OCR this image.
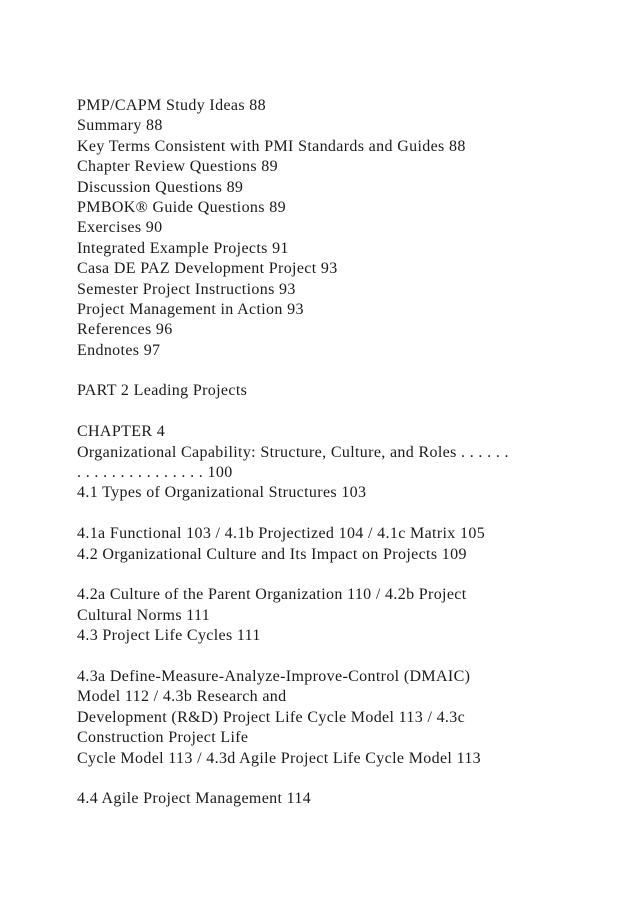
PMP/CAPM Study Ideas 88
Summary 88
Key Terms Consistent with PMI Standards and Guides 88
Chapter Review Questions 89
Discussion Questions 89
PMBOK® Guide Questions 89
Exercises 90
Integrated Example Projects 91
Casa DE PAZ Development Project 93
Semester Project Instructions 93
Project Management in Action 93
References 96
Endnotes 97
PART 2 Leading Projects
CHAPTER 4
Organizational Capability: Structure, Culture, and Roles . . . . . .
. . . . . . . . . . . . . . . 100
4.1 Types of Organizational Structures 103
4.1a Functional 103 / 4.1b Projectized 104 / 4.1c Matrix 105
4.2 Organizational Culture and Its Impact on Projects 109
4.2a Culture of the Parent Organization 110 / 4.2b Project
Cultural Norms 111
4.3 Project Life Cycles 111
4.3a Define-Measure-Analyze-Improve-Control (DMAIC)
Model 112 / 4.3b Research and
Development (R&D) Project Life Cycle Model 113 / 4.3c
Construction Project Life
Cycle Model 113 / 4.3d Agile Project Life Cycle Model 113
4.4 Agile Project Management 114
